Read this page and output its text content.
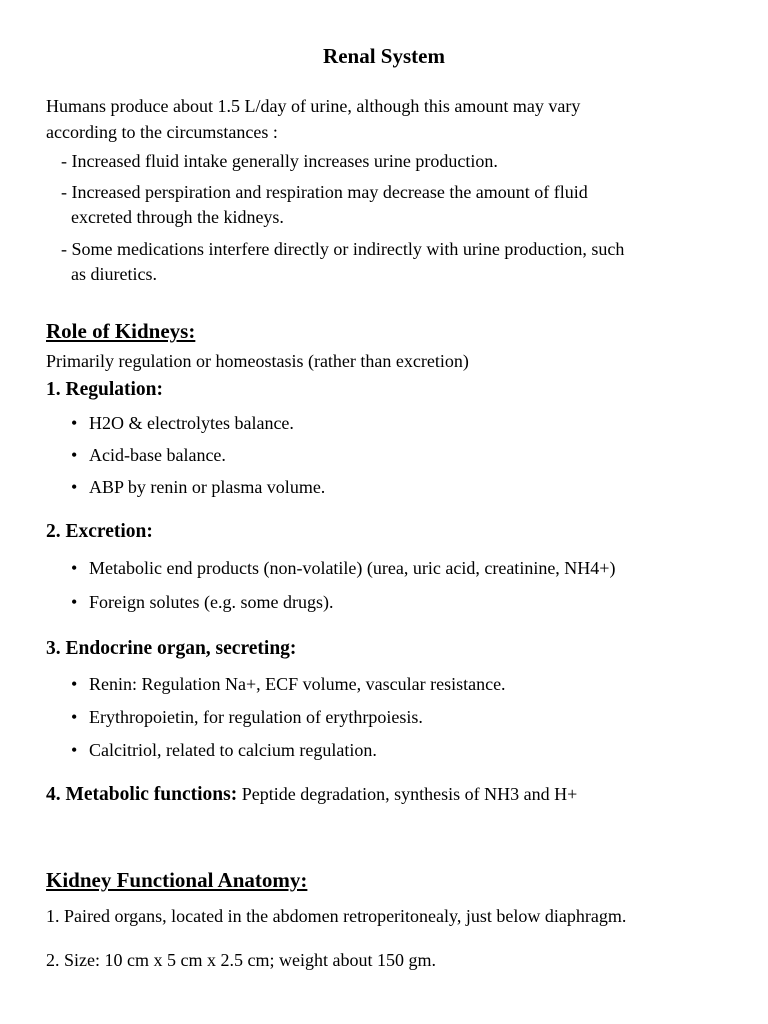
Renal System
Humans produce about 1.5 L/day of urine, although this amount may vary
according to the circumstances :
- Increased fluid intake generally increases urine production.
- Increased perspiration and respiration may decrease the amount of fluid
excreted through the kidneys.
- Some medications interfere directly or indirectly with urine production, such
as diuretics.
Role of Kidneys:
Primarily regulation or homeostasis (rather than excretion)
1. Regulation:
• H2O & electrolytes balance.
• Acid-base balance.
• ABP by renin or plasma volume.
2. Excretion:
• Metabolic end products (non-volatile) (urea, uric acid, creatinine, NH4+)
• Foreign solutes (e.g. some drugs).
3. Endocrine organ, secreting:
• Renin: Regulation Na+, ECF volume, vascular resistance.
• Erythropoietin, for regulation of erythrpoiesis.
• Calcitriol, related to calcium regulation.
4. Metabolic functions: Peptide degradation, synthesis of NH3 and H+
Kidney Functional Anatomy:
1. Paired organs, located in the abdomen retroperitonealy, just below diaphragm.
2. Size: 10 cm x 5 cm x 2.5 cm; weight about 150 gm.
